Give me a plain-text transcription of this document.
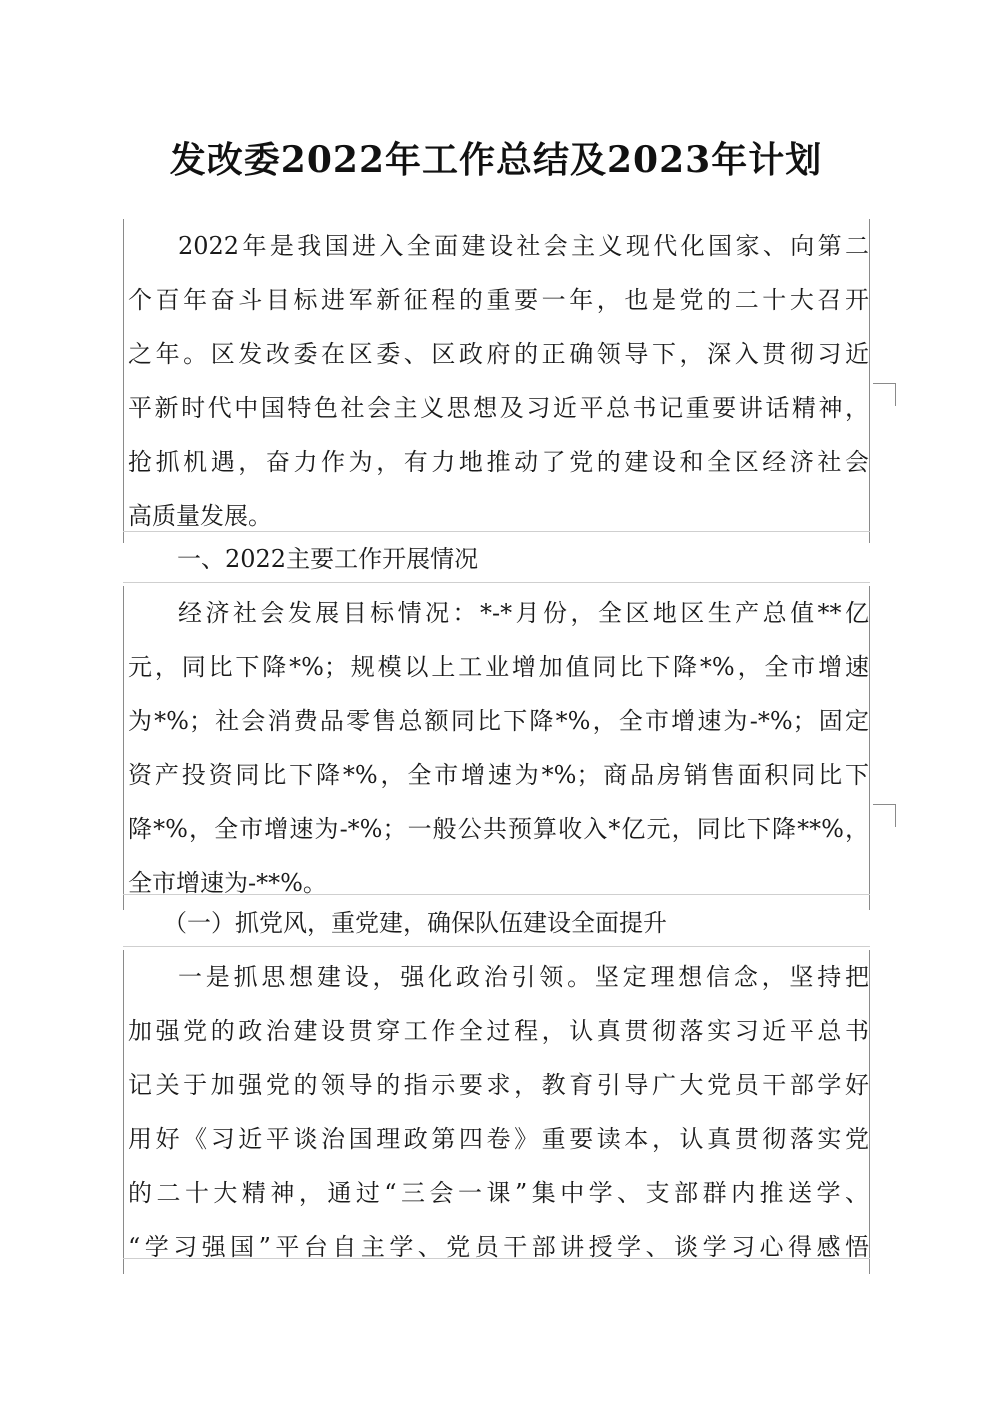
发改委2022年工作总结及2023年计划
2022年是我国进入全面建设社会主义现代化国家、向第二
个百年奋斗目标进军新征程的重要一年，也是党的二十大召开
之年。区发改委在区委、区政府的正确领导下，深入贯彻习近
平新时代中国特色社会主义思想及习近平总书记重要讲话精神，
抢抓机遇，奋力作为，有力地推动了党的建设和全区经济社会
高质量发展。
一、2022主要工作开展情况
经济社会发展目标情况：*-*月份，全区地区生产总值**亿
元，同比下降*%；规模以上工业增加值同比下降*%，全市增速
为*%；社会消费品零售总额同比下降*%，全市增速为-*%；固定
资产投资同比下降*%，全市增速为*%；商品房销售面积同比下
降*%，全市增速为-*%；一般公共预算收入*亿元，同比下降**%，
全市增速为-**%。
（一）抓党风，重党建，确保队伍建设全面提升
一是抓思想建设，强化政治引领。坚定理想信念，坚持把
加强党的政治建设贯穿工作全过程，认真贯彻落实习近平总书
记关于加强党的领导的指示要求，教育引导广大党员干部学好
用好《习近平谈治国理政第四卷》重要读本，认真贯彻落实党
的二十大精神，通过“三会一课”集中学、支部群内推送学、
“学习强国”平台自主学、党员干部讲授学、谈学习心得感悟
